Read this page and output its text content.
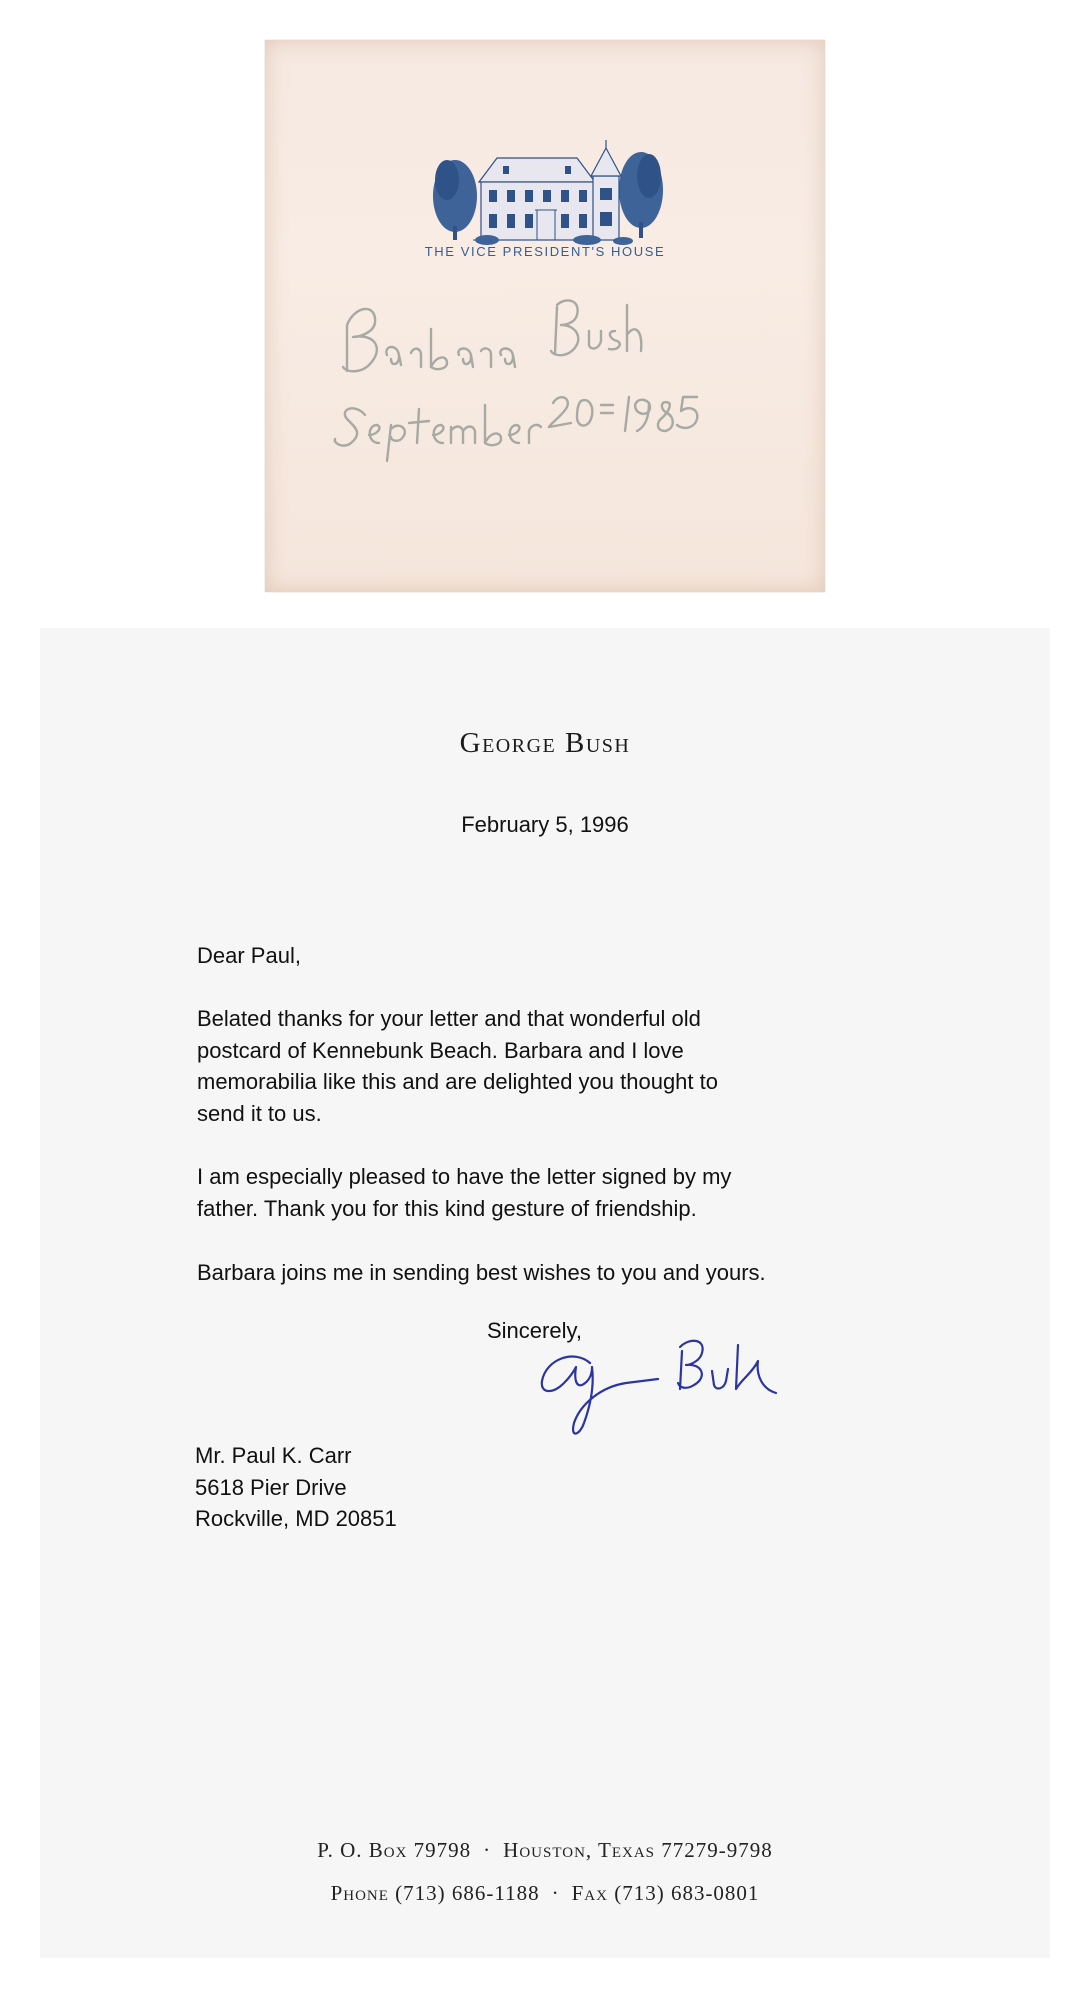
THE VICE PRESIDENT'S HOUSE
George Bush
February 5, 1996

Dear Paul,

Belated thanks for your letter and that wonderful old
postcard of Kennebunk Beach. Barbara and I love
memorabilia like this and are delighted you thought to
send it to us.

I am especially pleased to have the letter signed by my
father. Thank you for this kind gesture of friendship.

Barbara joins me in sending best wishes to you and yours.

Sincerely,
Mr. Paul K. Carr
5618 Pier Drive
Rockville, MD 20851
P. O. Box 79798 · Houston, Texas 77279-9798
Phone (713) 686-1188 · Fax (713) 683-0801
